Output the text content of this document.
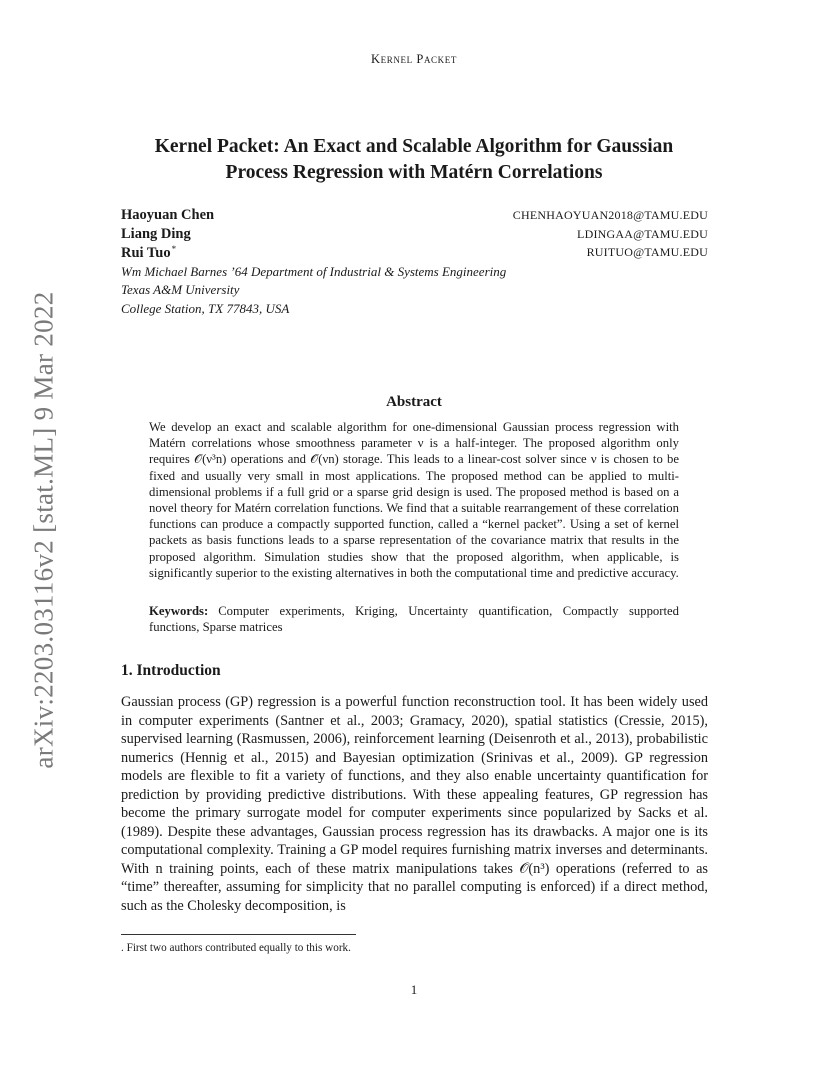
Kernel Packet
arXiv:2203.03116v2 [stat.ML] 9 Mar 2022
Kernel Packet: An Exact and Scalable Algorithm for Gaussian
Process Regression with Matérn Correlations
Haoyuan Chen	CHENHAOYUAN2018@TAMU.EDU
Liang Ding	LDINGAA@TAMU.EDU
Rui Tuo*	RUITUO@TAMU.EDU
Wm Michael Barnes ’64 Department of Industrial & Systems Engineering
Texas A&M University
College Station, TX 77843, USA
Abstract
We develop an exact and scalable algorithm for one-dimensional Gaussian process regression with Matérn correlations whose smoothness parameter ν is a half-integer. The proposed algorithm only requires 𝒪(ν³n) operations and 𝒪(νn) storage. This leads to a linear-cost solver since ν is chosen to be fixed and usually very small in most applications. The proposed method can be applied to multi-dimensional problems if a full grid or a sparse grid design is used. The proposed method is based on a novel theory for Matérn correlation functions. We find that a suitable rearrangement of these correlation functions can produce a compactly supported function, called a “kernel packet”. Using a set of kernel packets as basis functions leads to a sparse representation of the covariance matrix that results in the proposed algorithm. Simulation studies show that the proposed algorithm, when applicable, is significantly superior to the existing alternatives in both the computational time and predictive accuracy.
Keywords: Computer experiments, Kriging, Uncertainty quantification, Compactly supported functions, Sparse matrices
1. Introduction
Gaussian process (GP) regression is a powerful function reconstruction tool. It has been widely used in computer experiments (Santner et al., 2003; Gramacy, 2020), spatial statistics (Cressie, 2015), supervised learning (Rasmussen, 2006), reinforcement learning (Deisenroth et al., 2013), probabilistic numerics (Hennig et al., 2015) and Bayesian optimization (Srinivas et al., 2009). GP regression models are flexible to fit a variety of functions, and they also enable uncertainty quantification for prediction by providing predictive distributions. With these appealing features, GP regression has become the primary surrogate model for computer experiments since popularized by Sacks et al. (1989). Despite these advantages, Gaussian process regression has its drawbacks. A major one is its computational complexity. Training a GP model requires furnishing matrix inverses and determinants. With n training points, each of these matrix manipulations takes 𝒪(n³) operations (referred to as “time” thereafter, assuming for simplicity that no parallel computing is enforced) if a direct method, such as the Cholesky decomposition, is
. First two authors contributed equally to this work.
1
